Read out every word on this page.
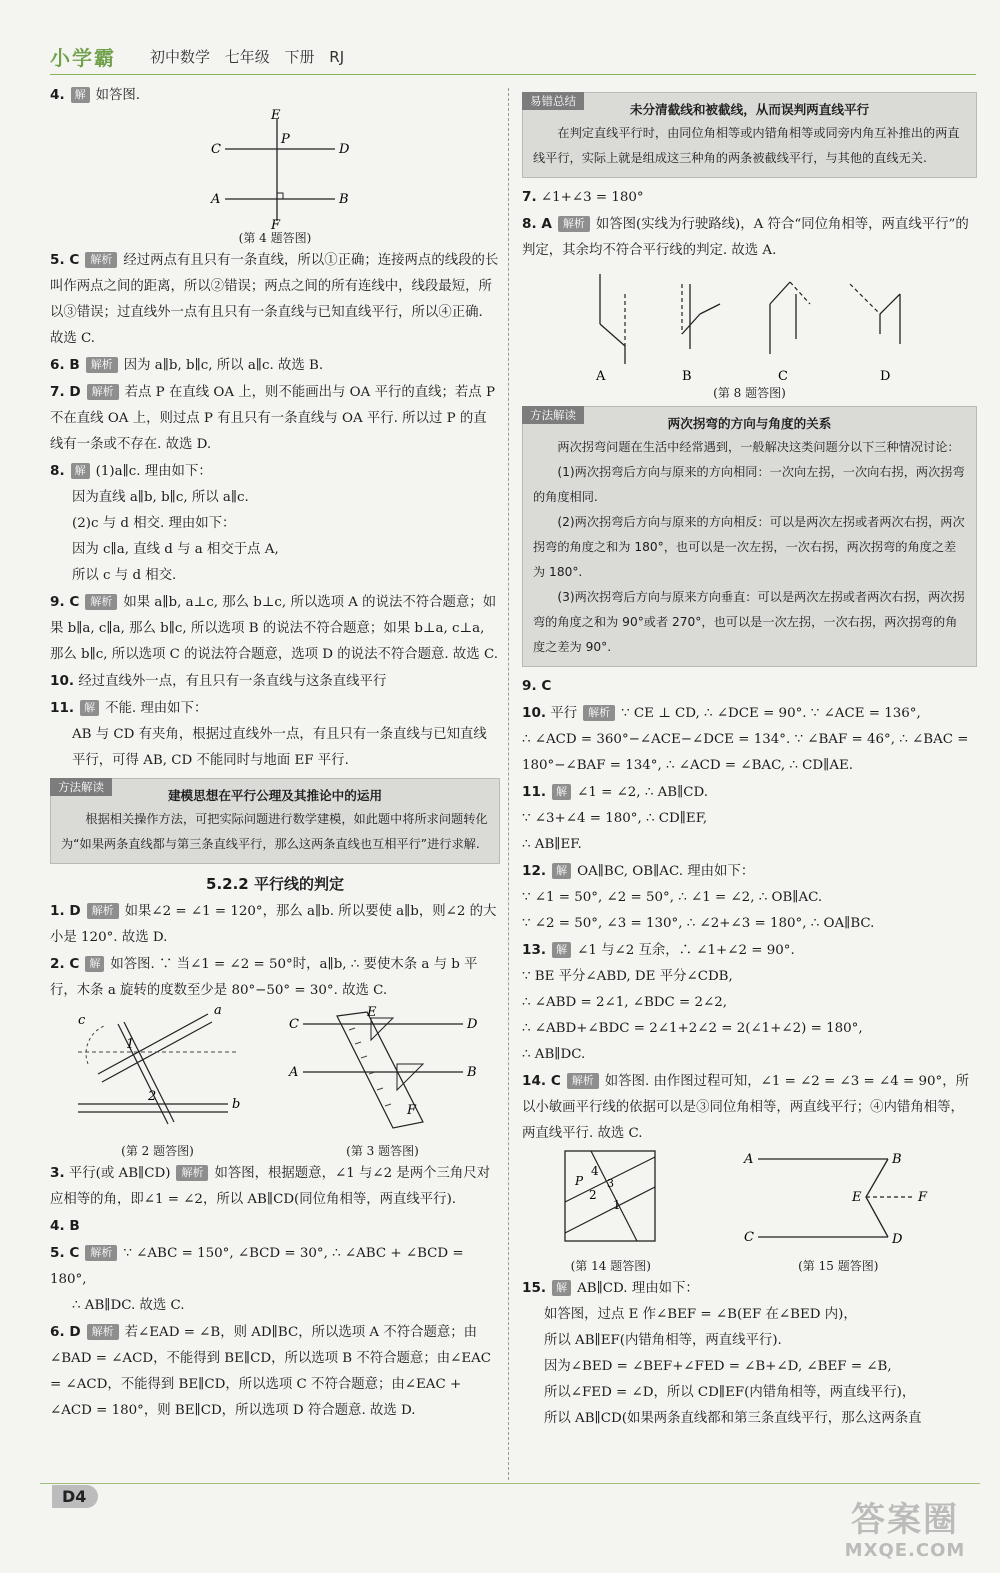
小学霸 初中数学 七年级 下册 RJ
4. 解 如答图.
C	D
A	B
E
P
F
(第 4 题答图)
5. C 解析 经过两点有且只有一条直线，所以①正确；连接两点的线段的长叫作两点之间的距离，所以②错误；两点之间的所有连线中，线段最短，所以③错误；过直线外一点有且只有一条直线与已知直线平行，所以④正确. 故选 C.
6. B 解析 因为 a∥b, b∥c, 所以 a∥c. 故选 B.
7. D 解析 若点 P 在直线 OA 上，则不能画出与 OA 平行的直线；若点 P 不在直线 OA 上，则过点 P 有且只有一条直线与 OA 平行. 所以过 P 的直线有一条或不存在. 故选 D.
8. 解 (1)a∥c. 理由如下：
因为直线 a∥b, b∥c, 所以 a∥c.
(2)c 与 d 相交. 理由如下：
因为 c∥a, 直线 d 与 a 相交于点 A,
所以 c 与 d 相交.
9. C 解析 如果 a∥b, a⊥c, 那么 b⊥c, 所以选项 A 的说法不符合题意；如果 b∥a, c∥a, 那么 b∥c, 所以选项 B 的说法不符合题意；如果 b⊥a, c⊥a, 那么 b∥c, 所以选项 C 的说法符合题意，选项 D 的说法不符合题意. 故选 C.
10. 经过直线外一点，有且只有一条直线与这条直线平行
11. 解 不能. 理由如下：
AB 与 CD 有夹角，根据过直线外一点，有且只有一条直线与已知直线平行，可得 AB, CD 不能同时与地面 EF 平行.
方法解读
建模思想在平行公理及其推论中的运用
根据相关操作方法，可把实际问题进行数学建模，如此题中将所求问题转化为“如果两条直线都与第三条直线平行，那么这两条直线也互相平行”进行求解.
5.2.2 平行线的判定
1. D 解析 如果∠2 = ∠1 = 120°，那么 a∥b. 所以要使 a∥b，则∠2 的大小是 120°. 故选 D.
2. C 解 如答图. ∵ 当∠1 = ∠2 = 50°时，a∥b, ∴ 要使木条 a 与 b 平行，木条 a 旋转的度数至少是 80°−50° = 30°. 故选 C.
c
a
b
1
2
(第 2 题答图)
C	D
A	B
E
F
(第 3 题答图)
3. 平行(或 AB∥CD) 解析 如答图，根据题意，∠1 与∠2 是两个三角尺对应相等的角，即∠1 = ∠2，所以 AB∥CD(同位角相等，两直线平行).
4. B
5. C 解析 ∵ ∠ABC = 150°, ∠BCD = 30°, ∴ ∠ABC + ∠BCD = 180°,
∴ AB∥DC. 故选 C.
6. D 解析 若∠EAD = ∠B，则 AD∥BC，所以选项 A 不符合题意；由∠BAD = ∠ACD，不能得到 BE∥CD，所以选项 B 不符合题意；由∠EAC = ∠ACD，不能得到 BE∥CD，所以选项 C 不符合题意；由∠EAC + ∠ACD = 180°，则 BE∥CD，所以选项 D 符合题意. 故选 D.
易错总结
未分清截线和被截线，从而误判两直线平行
在判定直线平行时，由同位角相等或内错角相等或同旁内角互补推出的两直线平行，实际上就是组成这三种角的两条被截线平行，与其他的直线无关.
7. ∠1+∠3 = 180°
8. A 解析 如答图(实线为行驶路线)，A 符合“同位角相等，两直线平行”的判定，其余均不符合平行线的判定. 故选 A.
A	B	C	D
(第 8 题答图)
方法解读
两次拐弯的方向与角度的关系
两次拐弯问题在生活中经常遇到，一般解决这类问题分以下三种情况讨论：
(1)两次拐弯后方向与原来的方向相同：一次向左拐，一次向右拐，两次拐弯的角度相同.
(2)两次拐弯后方向与原来的方向相反：可以是两次左拐或者两次右拐，两次拐弯的角度之和为 180°，也可以是一次左拐，一次右拐，两次拐弯的角度之差为 180°.
(3)两次拐弯后方向与原来方向垂直：可以是两次左拐或者两次右拐，两次拐弯的角度之和为 90°或者 270°，也可以是一次左拐，一次右拐，两次拐弯的角度之差为 90°.
9. C
10. 平行 解析 ∵ CE ⊥ CD, ∴ ∠DCE = 90°. ∵ ∠ACE = 136°,
∴ ∠ACD = 360°−∠ACE−∠DCE = 134°. ∵ ∠BAF = 46°, ∴ ∠BAC =
180°−∠BAF = 134°, ∴ ∠ACD = ∠BAC, ∴ CD∥AE.
11. 解 ∠1 = ∠2, ∴ AB∥CD.
∵ ∠3+∠4 = 180°, ∴ CD∥EF,
∴ AB∥EF.
12. 解 OA∥BC, OB∥AC. 理由如下：
∵ ∠1 = 50°, ∠2 = 50°, ∴ ∠1 = ∠2, ∴ OB∥AC.
∵ ∠2 = 50°, ∠3 = 130°, ∴ ∠2+∠3 = 180°, ∴ OA∥BC.
13. 解 ∠1 与∠2 互余，∴ ∠1+∠2 = 90°.
∵ BE 平分∠ABD, DE 平分∠CDB,
∴ ∠ABD = 2∠1, ∠BDC = 2∠2,
∴ ∠ABD+∠BDC = 2∠1+2∠2 = 2(∠1+∠2) = 180°,
∴ AB∥DC.
14. C 解析 如答图. 由作图过程可知，∠1 = ∠2 = ∠3 = ∠4 = 90°，所以小敏画平行线的依据可以是③同位角相等，两直线平行；④内错角相等，两直线平行. 故选 C.
4
P 3
2
1
(第 14 题答图)
A	B
C	D
E	F
(第 15 题答图)
15. 解 AB∥CD. 理由如下：
如答图，过点 E 作∠BEF = ∠B(EF 在∠BED 内)，
所以 AB∥EF(内错角相等，两直线平行).
因为∠BED = ∠BEF+∠FED = ∠B+∠D, ∠BEF = ∠B,
所以∠FED = ∠D，所以 CD∥EF(内错角相等，两直线平行)，
所以 AB∥CD(如果两条直线都和第三条直线平行，那么这两条直
D4
答案圈
MXQE.COM
